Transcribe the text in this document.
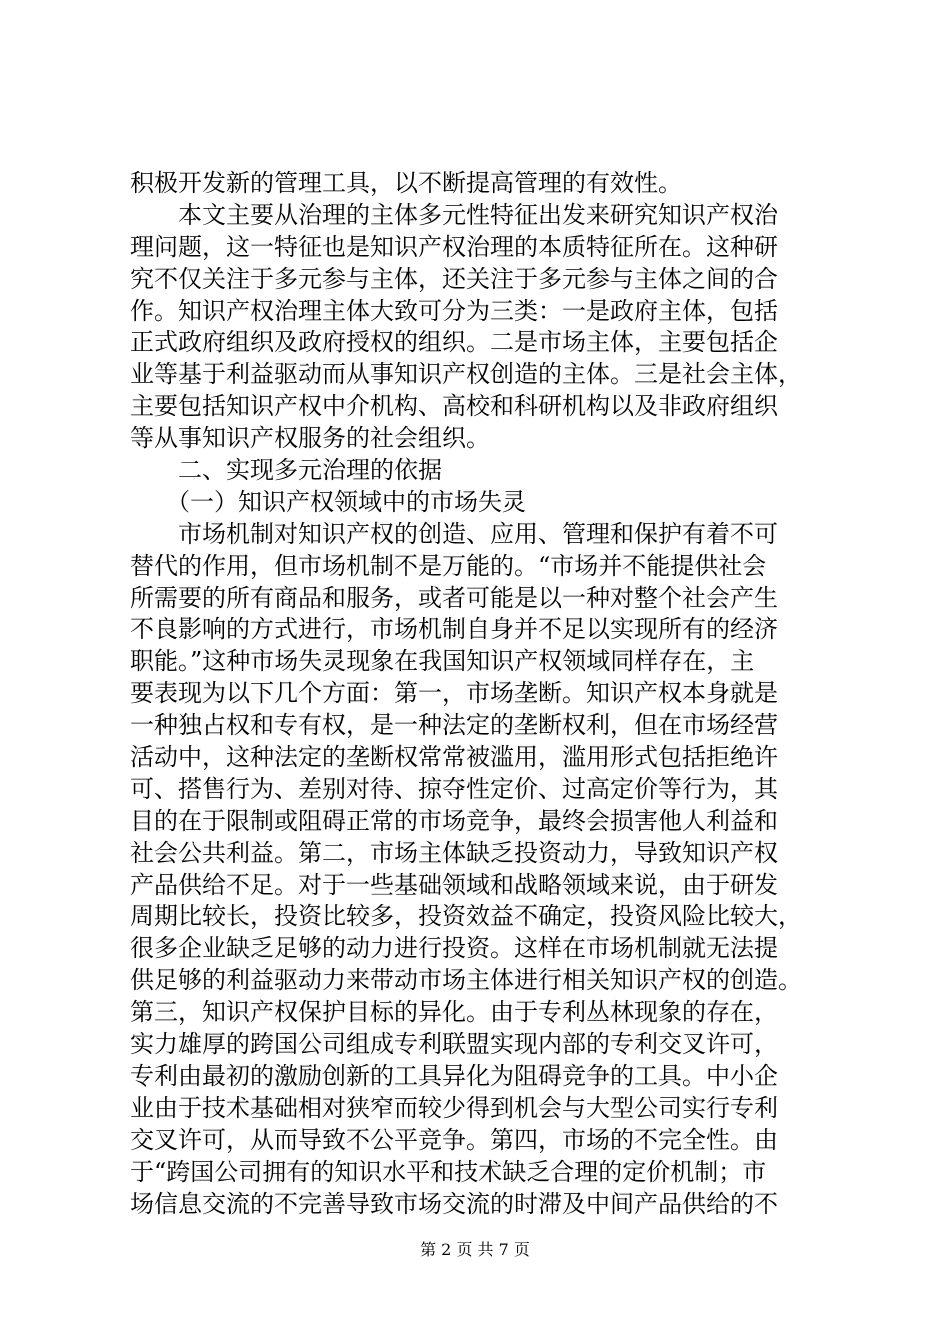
积极开发新的管理工具，以不断提高管理的有效性。
　　本文主要从治理的主体多元性特征出发来研究知识产权治
理问题，这一特征也是知识产权治理的本质特征所在。这种研
究不仅关注于多元参与主体，还关注于多元参与主体之间的合
作。知识产权治理主体大致可分为三类：一是政府主体，包括
正式政府组织及政府授权的组织。二是市场主体，主要包括企
业等基于利益驱动而从事知识产权创造的主体。三是社会主体，
主要包括知识产权中介机构、高校和科研机构以及非政府组织
等从事知识产权服务的社会组织。
　　二、实现多元治理的依据
　　（一）知识产权领域中的市场失灵
　　市场机制对知识产权的创造、应用、管理和保护有着不可
替代的作用，但市场机制不是万能的。“市场并不能提供社会
所需要的所有商品和服务，或者可能是以一种对整个社会产生
不良影响的方式进行，市场机制自身并不足以实现所有的经济
职能。”这种市场失灵现象在我国知识产权领域同样存在，主
要表现为以下几个方面：第一，市场垄断。知识产权本身就是
一种独占权和专有权，是一种法定的垄断权利，但在市场经营
活动中，这种法定的垄断权常常被滥用，滥用形式包括拒绝许
可、搭售行为、差别对待、掠夺性定价、过高定价等行为，其
目的在于限制或阻碍正常的市场竞争，最终会损害他人利益和
社会公共利益。第二，市场主体缺乏投资动力，导致知识产权
产品供给不足。对于一些基础领域和战略领域来说，由于研发
周期比较长，投资比较多，投资效益不确定，投资风险比较大，
很多企业缺乏足够的动力进行投资。这样在市场机制就无法提
供足够的利益驱动力来带动市场主体进行相关知识产权的创造。
第三，知识产权保护目标的异化。由于专利丛林现象的存在，
实力雄厚的跨国公司组成专利联盟实现内部的专利交叉许可，
专利由最初的激励创新的工具异化为阻碍竞争的工具。中小企
业由于技术基础相对狭窄而较少得到机会与大型公司实行专利
交叉许可，从而导致不公平竞争。第四，市场的不完全性。由
于“跨国公司拥有的知识水平和技术缺乏合理的定价机制；市
场信息交流的不完善导致市场交流的时滞及中间产品供给的不
第 2 页 共 7 页
